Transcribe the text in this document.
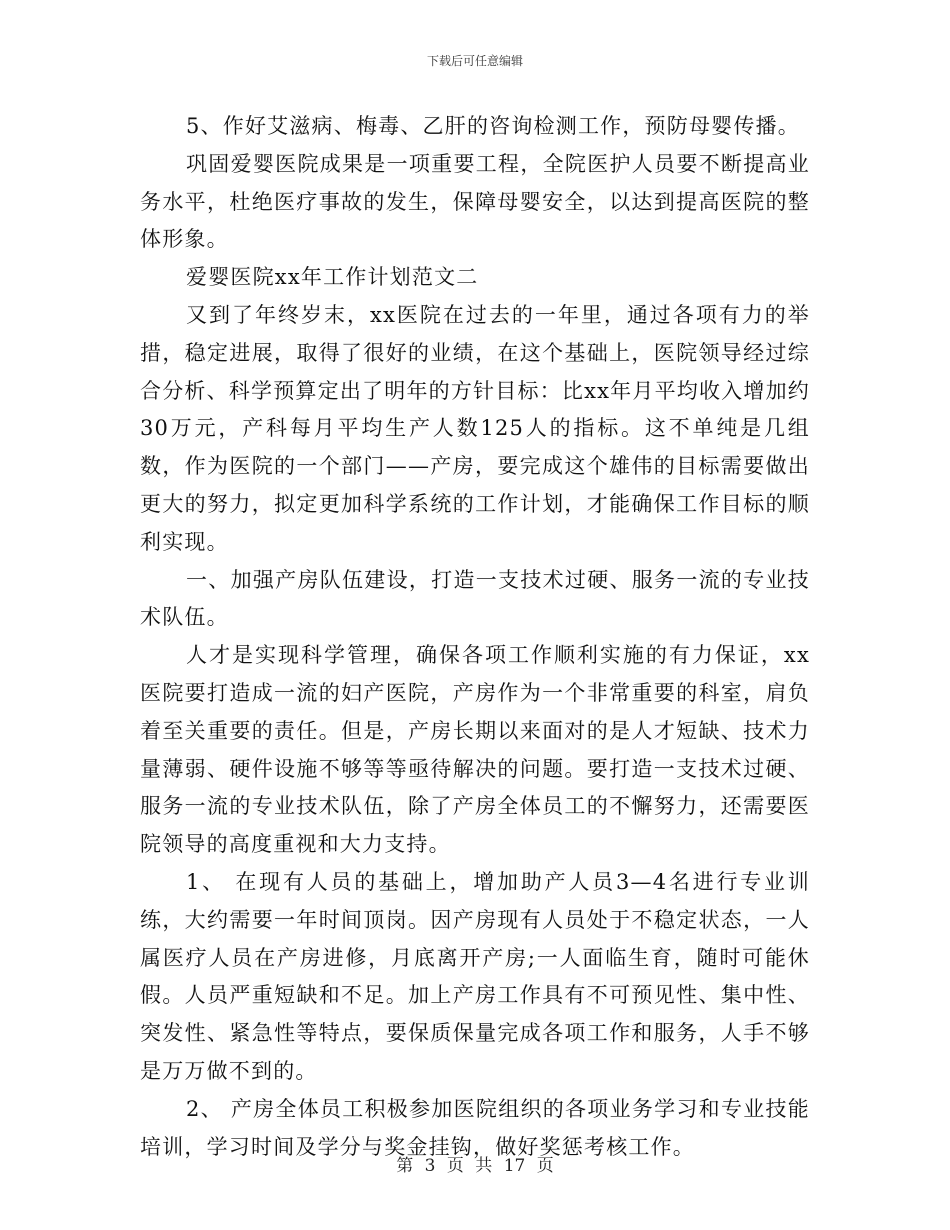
下载后可任意编辑

5、作好艾滋病、梅毒、乙肝的咨询检测工作，预防母婴传播。

巩固爱婴医院成果是一项重要工程，全院医护人员要不断提高业务水平，杜绝医疗事故的发生，保障母婴安全，以达到提高医院的整体形象。

爱婴医院xx年工作计划范文二

又到了年终岁末，xx医院在过去的一年里，通过各项有力的举措，稳定进展，取得了很好的业绩，在这个基础上，医院领导经过综合分析、科学预算定出了明年的方针目标：比xx年月平均收入增加约30万元，产科每月平均生产人数125人的指标。这不单纯是几组数，作为医院的一个部门——产房，要完成这个雄伟的目标需要做出更大的努力，拟定更加科学系统的工作计划，才能确保工作目标的顺利实现。

一、加强产房队伍建设，打造一支技术过硬、服务一流的专业技术队伍。

人才是实现科学管理，确保各项工作顺利实施的有力保证，xx医院要打造成一流的妇产医院，产房作为一个非常重要的科室，肩负着至关重要的责任。但是，产房长期以来面对的是人才短缺、技术力量薄弱、硬件设施不够等等亟待解决的问题。要打造一支技术过硬、服务一流的专业技术队伍，除了产房全体员工的不懈努力，还需要医院领导的高度重视和大力支持。

1、 在现有人员的基础上，增加助产人员3—4名进行专业训练，大约需要一年时间顶岗。因产房现有人员处于不稳定状态，一人属医疗人员在产房进修，月底离开产房;一人面临生育，随时可能休假。人员严重短缺和不足。加上产房工作具有不可预见性、集中性、突发性、紧急性等特点，要保质保量完成各项工作和服务，人手不够是万万做不到的。

2、 产房全体员工积极参加医院组织的各项业务学习和专业技能培训，学习时间及学分与奖金挂钩，做好奖惩考核工作。

第 3 页 共 17 页
